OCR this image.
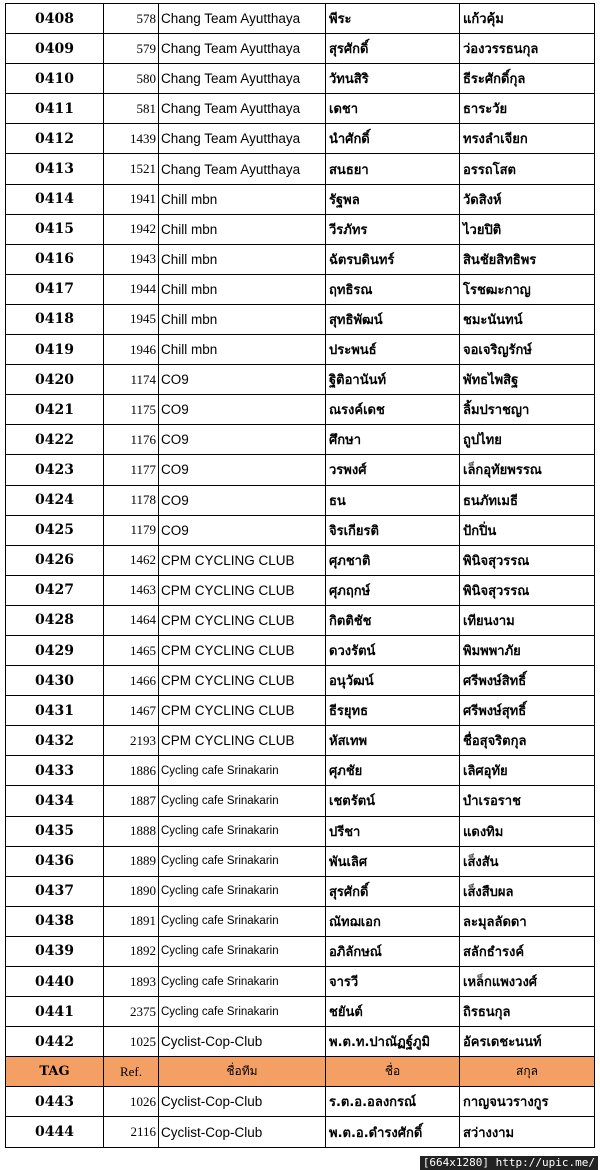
0408	578	Chang Team Ayutthaya	พีระ	แก้วคุ้ม
0409	579	Chang Team Ayutthaya	สุรศักดิ์	ว่องวรรธนกุล
0410	580	Chang Team Ayutthaya	วัทนสิริ	ธีระศักดิ์กุล
0411	581	Chang Team Ayutthaya	เดชา	ธาระวัย
0412	1439	Chang Team Ayutthaya	นำศักดิ์	ทรงลำเจียก
0413	1521	Chang Team Ayutthaya	สนธยา	อรรถโสต
0414	1941	Chill mbn	รัฐพล	วัดสิงห์
0415	1942	Chill mbn	วีรภัทร	ไวยปิติ
0416	1943	Chill mbn	ฉัตรบดินทร์	สินชัยสิทธิพร
0417	1944	Chill mbn	ฤทธิรณ	โรชฒะกาญ
0418	1945	Chill mbn	สุทธิพัฒน์	ชมะนันทน์
0419	1946	Chill mbn	ประพนธ์	จอเจริญรักษ์
0420	1174	CO9	ฐิติอานันท์	พัทธไพสิฐ
0421	1175	CO9	ณรงค์เดช	ลิ้มปราชญา
0422	1176	CO9	ศึกษา	ถูปไทย
0423	1177	CO9	วรพงศ์	เล็กอุทัยพรรณ
0424	1178	CO9	ธน	ธนภัทเมธี
0425	1179	CO9	จิรเกียรติ	ปักปิ่น
0426	1462	CPM CYCLING CLUB	ศุภชาติ	พินิจสุวรรณ
0427	1463	CPM CYCLING CLUB	ศุภฤกษ์	พินิจสุวรรณ
0428	1464	CPM CYCLING CLUB	กิตติชัช	เทียนงาม
0429	1465	CPM CYCLING CLUB	ดวงรัตน์	พิมพพาภัย
0430	1466	CPM CYCLING CLUB	อนุวัฒน์	ศรีพงษ์สิทธิ์
0431	1467	CPM CYCLING CLUB	ธีรยุทธ	ศรีพงษ์สุทธิ์
0432	2193	CPM CYCLING CLUB	หัสเทพ	ชื่อสุจริตกุล
0433	1886	Cycling cafe Srinakarin	ศุภชัย	เลิศอุทัย
0434	1887	Cycling cafe Srinakarin	เชตรัตน์	บำเรอราช
0435	1888	Cycling cafe Srinakarin	ปรีชา	แดงทิม
0436	1889	Cycling cafe Srinakarin	พันเลิศ	เส็งสัน
0437	1890	Cycling cafe Srinakarin	สุรศักดิ์	เส็งสืบผล
0438	1891	Cycling cafe Srinakarin	ณัทฌเอก	ละมุลลัดดา
0439	1892	Cycling cafe Srinakarin	อภิลักษณ์	สลักธำรงค์
0440	1893	Cycling cafe Srinakarin	จารวี	เหล็กแพงวงศ์
0441	2375	Cycling cafe Srinakarin	ชยันต์	ถิรธนกุล
0442	1025	Cyclist-Cop-Club	พ.ต.ท.ปาณัฏฐ์ภูมิ	อัครเดชะนนท์
TAG	Ref.	ชื่อทีม	ชื่อ	สกุล
0443	1026	Cyclist-Cop-Club	ร.ต.อ.อลงกรณ์	กาญจนวรางกูร
0444	2116	Cyclist-Cop-Club	พ.ต.อ.ดำรงศักดิ์	สว่างงาม
[664x1280] http://upic.me/
